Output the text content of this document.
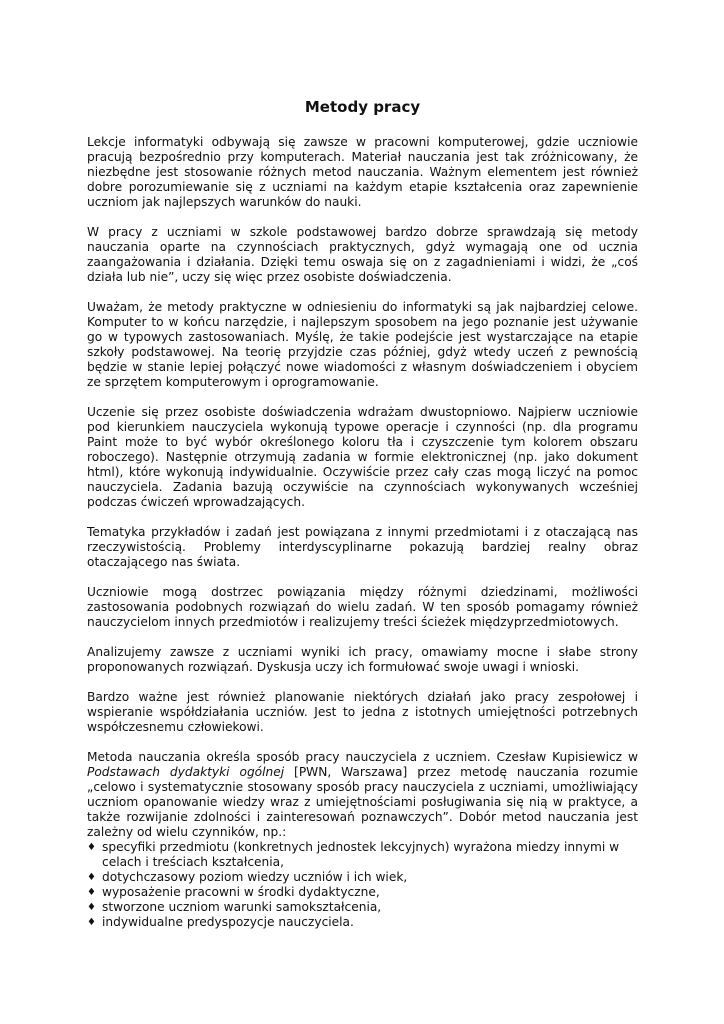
Metody pracy

Lekcje informatyki odbywają się zawsze w pracowni komputerowej, gdzie uczniowie pracują bezpośrednio przy komputerach. Materiał nauczania jest tak zróżnicowany, że niezbędne jest stosowanie różnych metod nauczania. Ważnym elementem jest również dobre porozumiewanie się z uczniami na każdym etapie kształcenia oraz zapewnienie uczniom jak najlepszych warunków do nauki.

W pracy z uczniami w szkole podstawowej bardzo dobrze sprawdzają się metody nauczania oparte na czynnościach praktycznych, gdyż wymagają one od ucznia zaangażowania i działania. Dzięki temu oswaja się on z zagadnieniami i widzi, że „coś działa lub nie”, uczy się więc przez osobiste doświadczenia.

Uważam, że metody praktyczne w odniesieniu do informatyki są jak najbardziej celowe. Komputer to w końcu narzędzie, i najlepszym sposobem na jego poznanie jest używanie go w typowych zastosowaniach. Myślę, że takie podejście jest wystarczające na etapie szkoły podstawowej. Na teorię przyjdzie czas później, gdyż wtedy uczeń z pewnością będzie w stanie lepiej połączyć nowe wiadomości z własnym doświadczeniem i obyciem ze sprzętem komputerowym i oprogramowanie.

Uczenie się przez osobiste doświadczenia wdrażam dwustopniowo. Najpierw uczniowie pod kierunkiem nauczyciela wykonują typowe operacje i czynności (np. dla programu Paint może to być wybór określonego koloru tła i czyszczenie tym kolorem obszaru roboczego). Następnie otrzymują zadania w formie elektronicznej (np. jako dokument html), które wykonują indywidualnie. Oczywiście przez cały czas mogą liczyć na pomoc nauczyciela. Zadania bazują oczywiście na czynnościach wykonywanych wcześniej podczas ćwiczeń wprowadzających.

Tematyka przykładów i zadań jest powiązana z innymi przedmiotami i z otaczającą nas rzeczywistością. Problemy interdyscyplinarne pokazują bardziej realny obraz otaczającego nas świata.

Uczniowie mogą dostrzec powiązania między różnymi dziedzinami, możliwości zastosowania podobnych rozwiązań do wielu zadań. W ten sposób pomagamy również nauczycielom innych przedmiotów i realizujemy treści ścieżek międzyprzedmiotowych.

Analizujemy zawsze z uczniami wyniki ich pracy, omawiamy mocne i słabe strony proponowanych rozwiązań. Dyskusja uczy ich formułować swoje uwagi i wnioski.

Bardzo ważne jest również planowanie niektórych działań jako pracy zespołowej i wspieranie współdziałania uczniów. Jest to jedna z istotnych umiejętności potrzebnych współczesnemu człowiekowi.

Metoda nauczania określa sposób pracy nauczyciela z uczniem. Czesław Kupisiewicz w Podstawach dydaktyki ogólnej [PWN, Warszawa] przez metodę nauczania rozumie „celowo i systematycznie stosowany sposób pracy nauczyciela z uczniami, umożliwiający uczniom opanowanie wiedzy wraz z umiejętnościami posługiwania się nią w praktyce, a także rozwijanie zdolności i zainteresowań poznawczych”. Dobór metod nauczania jest zależny od wielu czynników, np.:

♦ specyfiki przedmiotu (konkretnych jednostek lekcyjnych) wyrażona miedzy innymi w celach i treściach kształcenia,
♦ dotychczasowy poziom wiedzy uczniów i ich wiek,
♦ wyposażenie pracowni w środki dydaktyczne,
♦ stworzone uczniom warunki samokształcenia,
♦ indywidualne predyspozycje nauczyciela.
